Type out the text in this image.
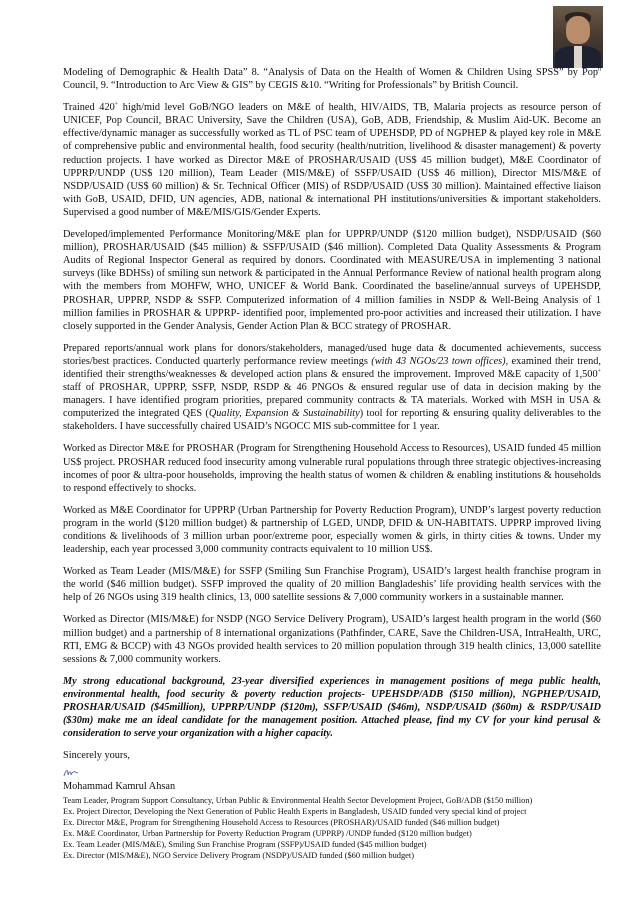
Modeling of Demographic & Health Data” 8. “Analysis of Data on the Health of Women & Children Using SPSS” by Pop$^n$ Council, 9. “Introduction to Arc View & GIS” by CEGIS &10. “Writing for Professionals” by British Council.

Trained 420+ high/mid level GoB/NGO leaders on M&E of health, HIV/AIDS, TB, Malaria projects as resource person of UNICEF, Pop Council, BRAC University, Save the Children (USA), GoB, ADB, Friendship, & Muslim Aid-UK. Become an effective/dynamic manager as successfully worked as TL of PSC team of UPEHSDP, PD of NGPHEP & played key role in M&E of comprehensive public and environmental health, food security (health/nutrition, livelihood & disaster management) & poverty reduction projects. I have worked as Director M&E of PROSHAR/USAID (US$ 45 million budget), M&E Coordinator of UPPRP/UNDP (US$ 120 million), Team Leader (MIS/M&E) of SSFP/USAID (US$ 46 million), Director MIS/M&E of NSDP/USAID (US$ 60 million) & Sr. Technical Officer (MIS) of RSDP/USAID (US$ 30 million). Maintained effective liaison with GoB, USAID, DFID, UN agencies, ADB, national & international PH institutions/universities & important stakeholders. Supervised a good number of M&E/MIS/GIS/Gender Experts.

Developed/implemented Performance Monitoring/M&E plan for UPPRP/UNDP ($120 million budget), NSDP/USAID ($60 million), PROSHAR/USAID ($45 million) & SSFP/USAID ($46 million). Completed Data Quality Assessments & Program Audits of Regional Inspector General as required by donors. Coordinated with MEASURE/USA in implementing 3 national surveys (like BDHSs) of smiling sun network & participated in the Annual Performance Review of national health program along with the members from MOHFW, WHO, UNICEF & World Bank. Coordinated the baseline/annual surveys of UPEHSDP, PROSHAR, UPPRP, NSDP & SSFP. Computerized information of 4 million families in NSDP & Well-Being Analysis of 1 million families in PROSHAR & UPPRP- identified poor, implemented pro-poor activities and increased their utilization. I have closely supported in the Gender Analysis, Gender Action Plan & BCC strategy of PROSHAR.

Prepared reports/annual work plans for donors/stakeholders, managed/used huge data & documented achievements, success stories/best practices. Conducted quarterly performance review meetings (with 43 NGOs/23 town offices), examined their trend, identified their strengths/weaknesses & developed action plans & ensured the improvement. Improved M&E capacity of 1,500+ staff of PROSHAR, UPPRP, SSFP, NSDP, RSDP & 46 PNGOs & ensured regular use of data in decision making by the managers. I have identified program priorities, prepared community contracts & TA materials. Worked with MSH in USA & computerized the integrated QES (Quality, Expansion & Sustainability) tool for reporting & ensuring quality deliverables to the stakeholders. I have successfully chaired USAID’s NGOCC MIS sub-committee for 1 year.

Worked as Director M&E for PROSHAR (Program for Strengthening Household Access to Resources), USAID funded 45 million US$ project. PROSHAR reduced food insecurity among vulnerable rural populations through three strategic objectives-increasing incomes of poor & ultra-poor households, improving the health status of women & children & enabling institutions & households to respond effectively to shocks.

Worked as M&E Coordinator for UPPRP (Urban Partnership for Poverty Reduction Program), UNDP’s largest poverty reduction program in the world ($120 million budget) & partnership of LGED, UNDP, DFID & UN-HABITATS. UPPRP improved living conditions & livelihoods of 3 million urban poor/extreme poor, especially women & girls, in thirty cities & towns. Under my leadership, each year processed 3,000 community contracts equivalent to 10 million US$.

Worked as Team Leader (MIS/M&E) for SSFP (Smiling Sun Franchise Program), USAID’s largest health franchise program in the world ($46 million budget). SSFP improved the quality of 20 million Bangladeshis’ life providing health services with the help of 26 NGOs using 319 health clinics, 13, 000 satellite sessions & 7,000 community workers in a sustainable manner.

Worked as Director (MIS/M&E) for NSDP (NGO Service Delivery Program), USAID’s largest health program in the world ($60 million budget) and a partnership of 8 international organizations (Pathfinder, CARE, Save the Children-USA, IntraHealth, URC, RTI, EMG & BCCP) with 43 NGOs provided health services to 20 million population through 319 health clinics, 13,000 satellite sessions & 7,000 community workers.

My strong educational background, 23-year diversified experiences in management positions of mega public health, environmental health, food security & poverty reduction projects- UPEHSDP/ADB ($150 million), NGPHEP/USAID, PROSHAR/USAID ($45million), UPPRP/UNDP ($120m), SSFP/USAID ($46m), NSDP/USAID ($60m) & RSDP/USAID ($30m) make me an ideal candidate for the management position. Attached please, find my CV for your kind perusal & consideration to serve your organization with a higher capacity.

Sincerely yours,
Mohammad Kamrul Ahsan
Team Leader, Program Support Consultancy, Urban Public & Environmental Health Sector Development Project, GoB/ADB ($150 million)
Ex. Project Director, Developing the Next Generation of Public Health Experts in Bangladesh, USAID funded very special kind of project
Ex. Director M&E, Program for Strengthening Household Access to Resources (PROSHAR)/USAID funded ($46 million budget)
Ex. M&E Coordinator, Urban Partnership for Poverty Reduction Program (UPPRP) /UNDP funded ($120 million budget)
Ex. Team Leader (MIS/M&E), Smiling Sun Franchise Program (SSFP)/USAID funded ($45 million budget)
Ex. Director (MIS/M&E), NGO Service Delivery Program (NSDP)/USAID funded ($60 million budget)
